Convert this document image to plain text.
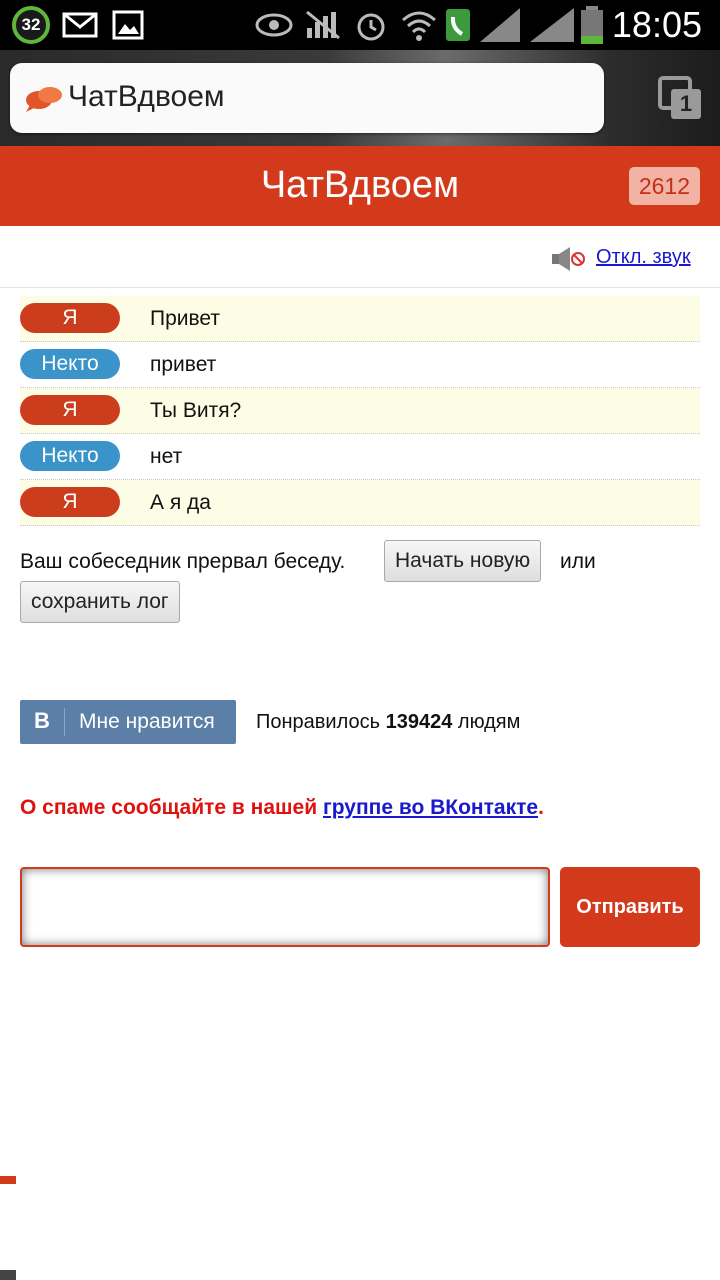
32	18:05
ЧатВдвоем	1
ЧатВдвоем	2612
Откл. звук
Я	Привет
Некто	привет
Я	Ты Витя?
Некто	нет
Я	А я да
Ваш собеседник прервал беседу.	Начать новую	или
сохранить лог
B Мне нравится Понравилось 139424 людям
О спаме сообщайте в нашей группе во ВКонтакте.
Отправить
